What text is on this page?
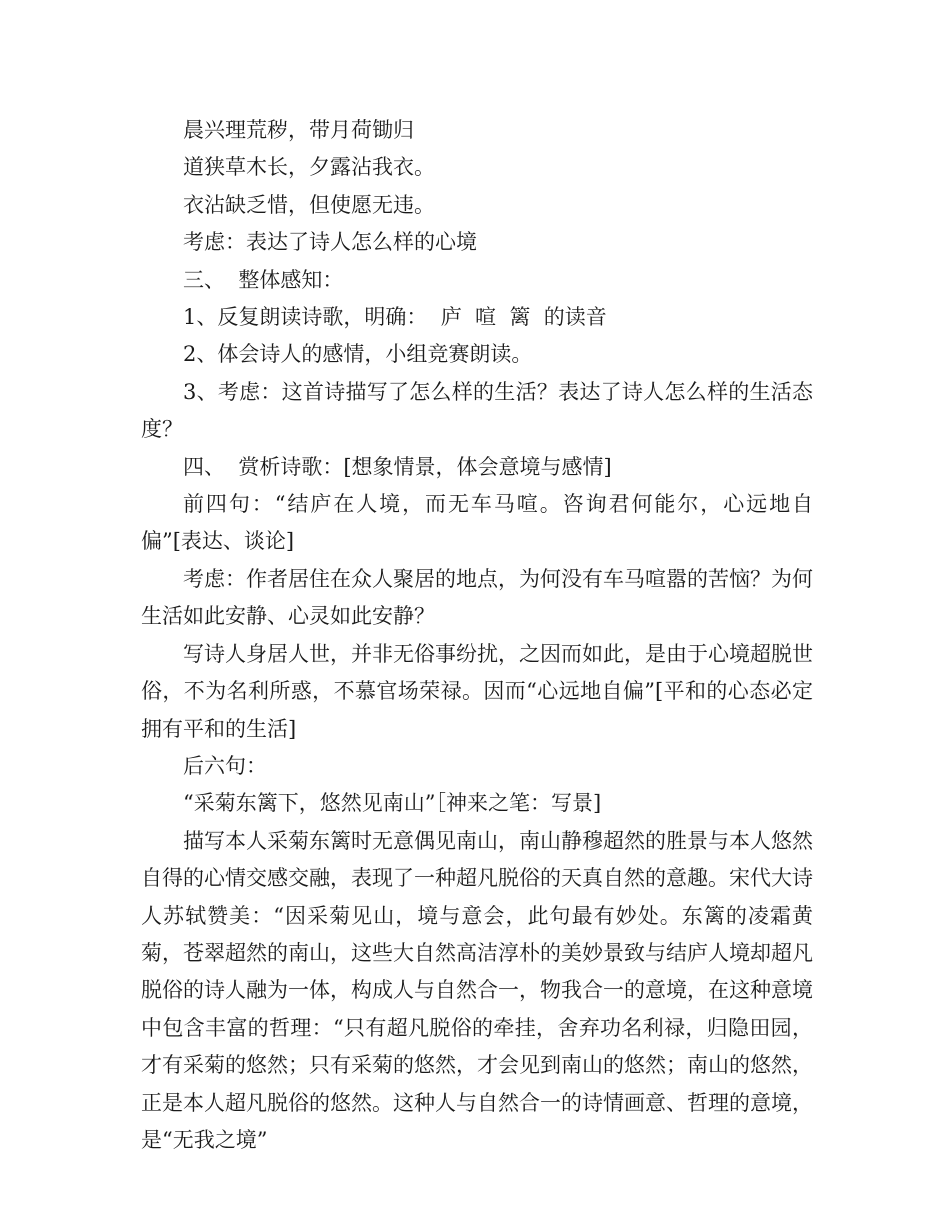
晨兴理荒秽，带月荷锄归

道狭草木长，夕露沾我衣。

衣沾缺乏惜，但使愿无违。

考虑：表达了诗人怎么样的心境

三、  整体感知：

1、反复朗读诗歌，明确：  庐  喧  篱  的读音

2、体会诗人的感情，小组竞赛朗读。

3、考虑：这首诗描写了怎么样的生活？表达了诗人怎么样的生活态度？

四、  赏析诗歌：[想象情景，体会意境与感情]

前四句：“结庐在人境，而无车马喧。咨询君何能尔，心远地自偏”[表达、谈论]

考虑：作者居住在众人聚居的地点，为何没有车马喧嚣的苦恼？为何生活如此安静、心灵如此安静？

写诗人身居人世，并非无俗事纷扰，之因而如此，是由于心境超脱世俗，不为名利所惑，不慕官场荣禄。因而“心远地自偏”[平和的心态必定拥有平和的生活]

后六句：

“采菊东篱下，悠然见南山”［神来之笔：写景]

描写本人采菊东篱时无意偶见南山，南山静穆超然的胜景与本人悠然自得的心情交感交融，表现了一种超凡脱俗的天真自然的意趣。宋代大诗人苏轼赞美：“因采菊见山，境与意会，此句最有妙处。东篱的凌霜黄菊，苍翠超然的南山，这些大自然高洁淳朴的美妙景致与结庐人境却超凡脱俗的诗人融为一体，构成人与自然合一，物我合一的意境，在这种意境中包含丰富的哲理：“只有超凡脱俗的牵挂，舍弃功名利禄，归隐田园，才有采菊的悠然；只有采菊的悠然，才会见到南山的悠然；南山的悠然，正是本人超凡脱俗的悠然。这种人与自然合一的诗情画意、哲理的意境，是“无我之境”
